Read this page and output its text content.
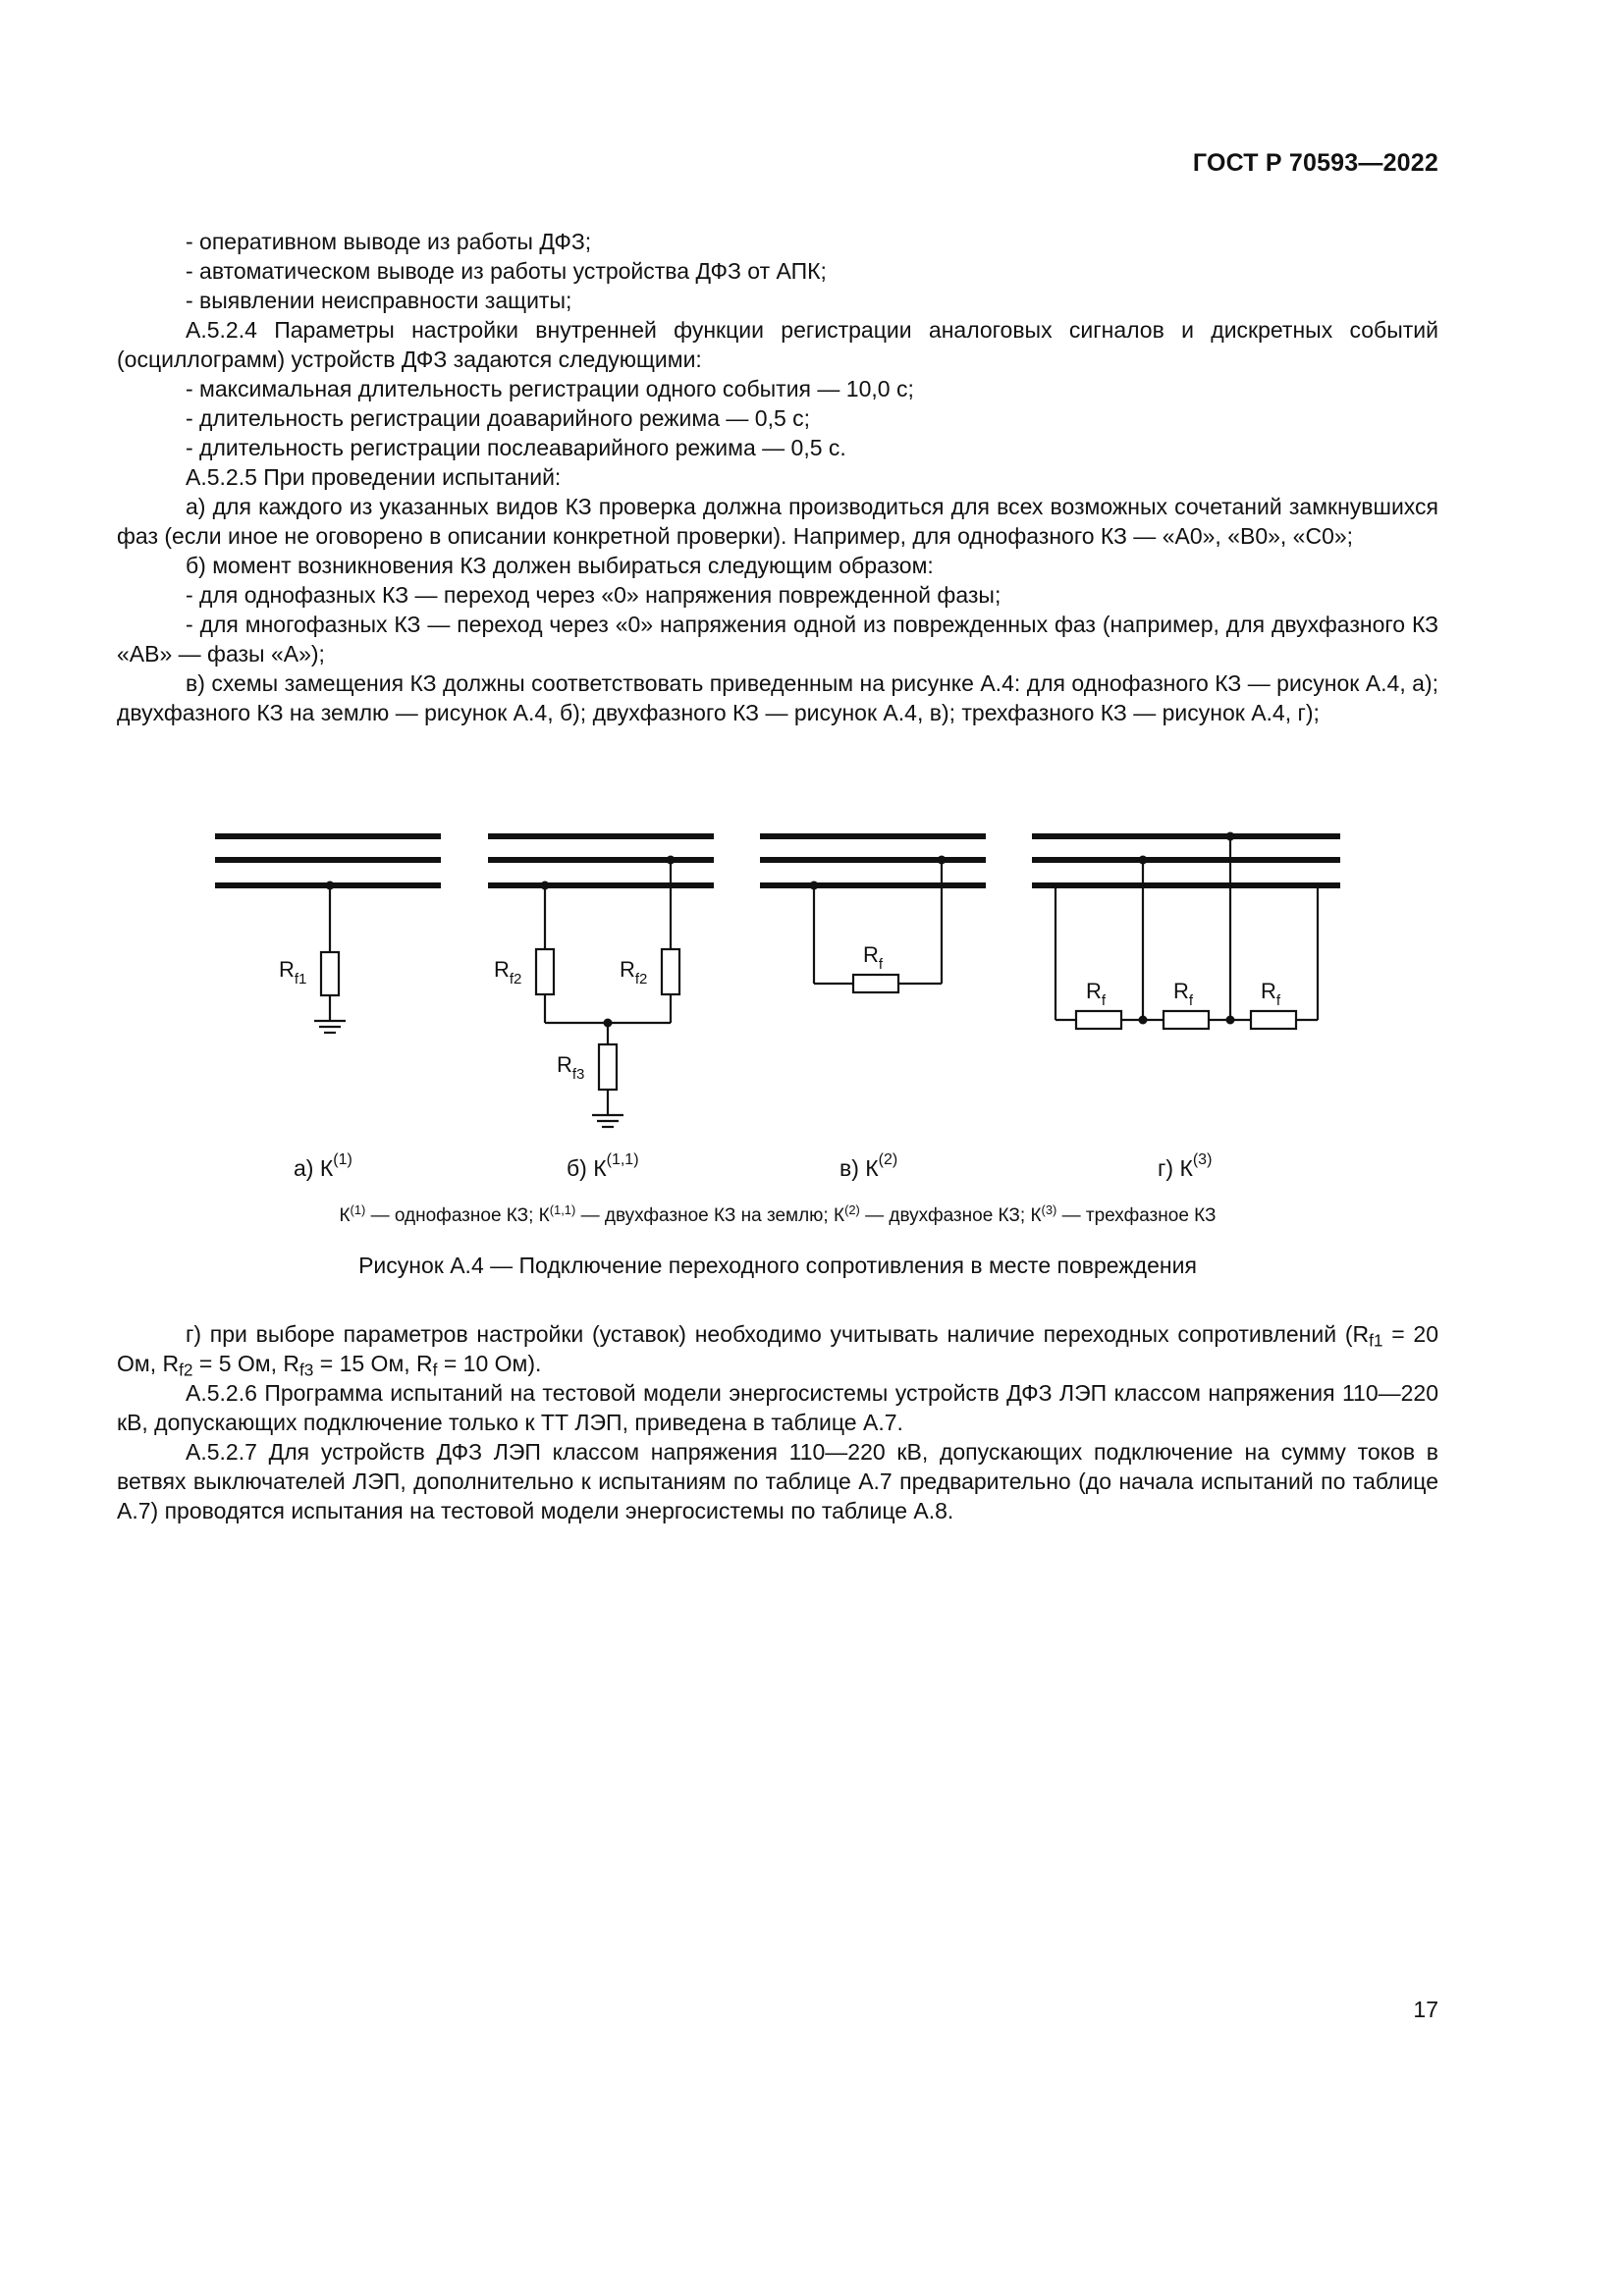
ГОСТ Р 70593—2022

- оперативном выводе из работы ДФЗ;

- автоматическом выводе из работы устройства ДФЗ от АПК;

- выявлении неисправности защиты;

А.5.2.4 Параметры настройки внутренней функции регистрации аналоговых сигналов и дискретных событий (осциллограмм) устройств ДФЗ задаются следующими:

- максимальная длительность регистрации одного события — 10,0 с;

- длительность регистрации доаварийного режима — 0,5 с;

- длительность регистрации послеаварийного режима — 0,5 с.

А.5.2.5 При проведении испытаний:

а) для каждого из указанных видов КЗ проверка должна производиться для всех возможных сочетаний замкнувшихся фаз (если иное не оговорено в описании конкретной проверки). Например, для однофазного КЗ — «А0», «В0», «С0»;

б) момент возникновения КЗ должен выбираться следующим образом:

- для однофазных КЗ — переход через «0» напряжения поврежденной фазы;

- для многофазных КЗ — переход через «0» напряжения одной из поврежденных фаз (например, для двухфазного КЗ «АВ» — фазы «А»);

в) схемы замещения КЗ должны соответствовать приведенным на рисунке А.4: для однофазного КЗ — рисунок А.4, а); двухфазного КЗ на землю — рисунок А.4, б); двухфазного КЗ — рисунок А.4, в); трехфазного КЗ — рисунок А.4, г);

$R_{f1}$	$R_{f2}$	$R_{f2}$
$R_{f3}$
$R_f$
$R_f$	$R_f$	$R_f$
а) $К^{(1)}$	б) К$^{(1,1)}$	в) $К^{(2)}$	г) $К^{(3)}$
$К^{(1)}$ — однофазное КЗ; К$^{(1,1)}$ — двухфазное КЗ на землю; $К^{(2)}$ — двухфазное КЗ; $К^{(3)}$ — трехфазное КЗ
Рисунок А.4 — Подключение переходного сопротивления в месте повреждения

г) при выборе параметров настройки (уставок) необходимо учитывать наличие переходных сопротивлений ($R_{f1} = 20$ Ом, $R_{f2} = 5$ Ом, $R_{f3} = 15$ Ом, $R_f = 10$ Ом).

А.5.2.6 Программа испытаний на тестовой модели энергосистемы устройств ДФЗ ЛЭП классом напряжения 110—220 кВ, допускающих подключение только к ТТ ЛЭП, приведена в таблице А.7.

А.5.2.7 Для устройств ДФЗ ЛЭП классом напряжения 110—220 кВ, допускающих подключение на сумму токов в ветвях выключателей ЛЭП, дополнительно к испытаниям по таблице А.7 предварительно (до начала испытаний по таблице А.7) проводятся испытания на тестовой модели энергосистемы по таблице А.8.

17
